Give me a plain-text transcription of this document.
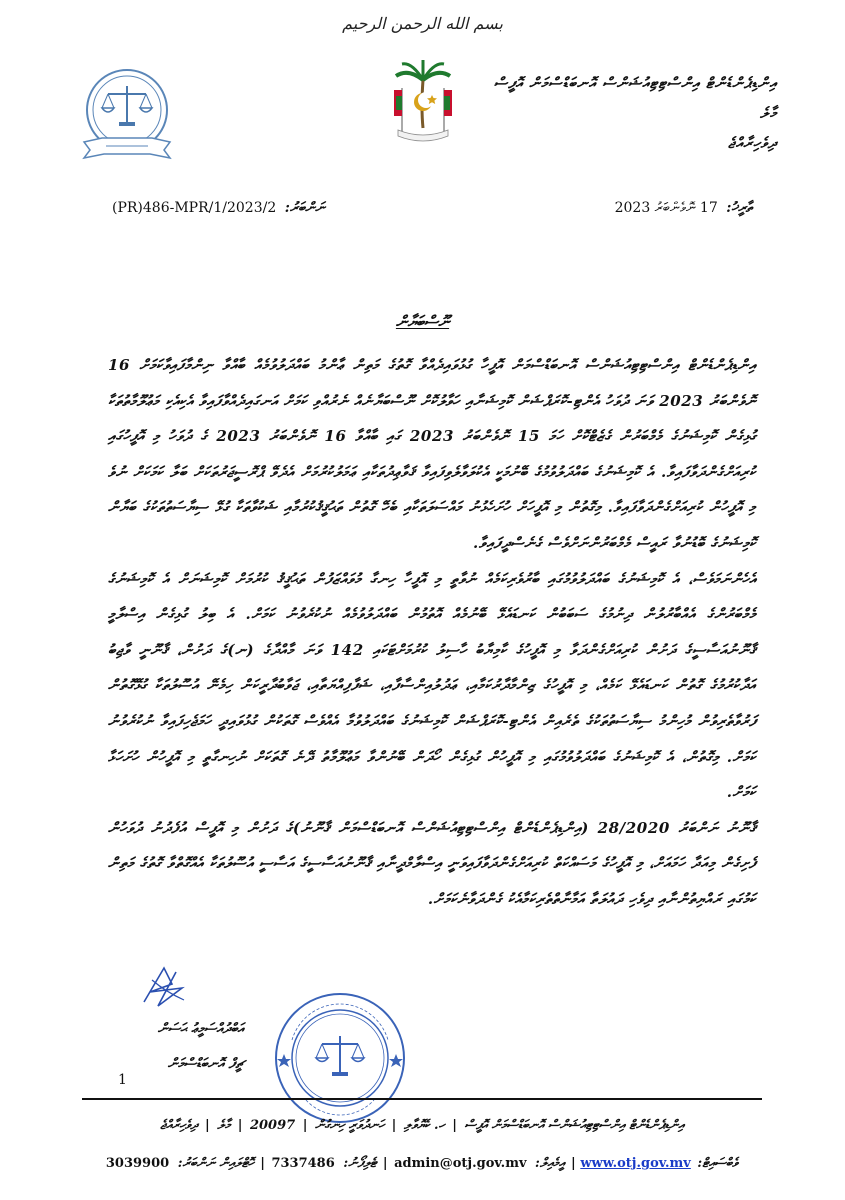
بسم الله الرحمن الرحيم
އިންޑިޕެންޑެންޓް އިންސްޓިޓިއުޝަންސް އޮނބަޑްސްމަން އޮފީސް
މާލެ
ދިވެހިރާއްޖެ
(PR)486-MPR/1/2023/2 ނަންބަރު:	ތާރީޚު: 17 ނޮވެންބަރު 2023
ނޫސްބަޔާން

އިންޑިޕެންޑެންޓް އިންސްޓިޓިއުޝަންސް އޮނބަޑްސްމަން އޮފީހާ ގުޅުވައިދެއްވާ ގޮތުގެ މަތިން ޢާންމު ބައްދަލުވުމެއް ބާއްވާ ނިންމާފައިވާކަމަށް 16 ނޮވެންބަރު 2023 ވަނަ ދުވަހު އެންޓި-ކޮރަޕްޝަން ކޮމިޝަނާއި ހަވާލުކޮށް ނޫސްބަޔާނެއް ނެރުއްވި ކަމަށް އަނގައިދެއްވާފައިވާ އެކިއެކި މަޢުލޫމާތުތަކާ ގުޅިގެން ކޮމިޝަނުގެ މެމްބަރުން ގެޒެޓްކޮށް ހަމަ 15 ނޮވެންބަރު 2023 ގައި ބާއްވާ 16 ނޮވެންބަރު 2023 ގެ ދުވަހު މި އޮފީހުގައި ކުރިއަށްގެންދަވާފައިވާ. އެ ކޮމިޝަނުގެ ބައްދަލުވުމުގެ ބޭނުމަކީ އެކުލަވާލެވިފައިވާ ޤަވާޢިދުތަކާއި ޢަމަލުކުރުމަށް އެދެވޭ ޕްރޮސީޖަރުތަކަށް ބަލާ ކަމަކަށް ނުވެ މި އޮފީހުން ކުރިއަށްގެންދަވާފައިވާ. މިގޮތުން މި އޮފީހަށް ހުށަހެޅުނު މައްސަލަތަކާއި ބެހޭ ގޮތުން ތަޙުޤީޤުކުރުމާއި ޝަކުވާތަކާ ގުޅޭ ސިޔާސަތުތަކުގެ ބަޔާން ކޮމިޝަނުގެ ބޮޑުނުވާ ރައީސް މެމްބަރުންނަށްވެސް ގެނެސްދީފައިވާ.

އެހެންނަމަވެސް، އެ ކޮމިޝަނުގެ ބައްދަލުވުމުގައި ބާރުވެރިކަމެއް ނުވާތީ މި އޮފީހާ ހިނގާ މުވައްޒަފުން ތަޙުޤީޤު ކުރުމަށް ކޮމިޝަނަށް އެ ކޮމިޝަނުގެ މެމްބަރުންގެ އެއްބާރުލުން ދިނުމުގެ ސަބަބުން ކަނޑައެޅޭ ބޭނުމެއް އޮތުމުން ބައްދަލުވުމެއް ނުކުރެވުނު ކަމަށް. އެ ބިލު ގުޅިގެން އިސްލާމީ ޤާނޫނުއަސާސީގެ ދަށުން ކުރިއަށްގެންދަވާ މި އޮފީހުގެ ކާމިޔާބު ހާސިލު ކުރުމަށްޓަކައި 142 ވަނަ މާއްދާގެ (ނ)ގެ ދަށުން، ޤާނޫނީ ވާޖިބު އަދާކުރުމުގެ ގޮތުން ކަނޑައެޅޭ ކަމެއް، މި އޮފީހުގެ ޒިންމާދާރުކަމާއި، ޢަދުލުއިންސާފާއި، ޝަފާފިއްޔަތާއި، ޖަވާބުދާރީކަން ހިމެނޭ އުސޫލުތަކާ ގުޅޭގޮތުން ފަރުވާތެރިވުން މުހިންމު ސިޔާސަތުތަކުގެ ތެރެއިން އެންޓި-ކޮރަޕްޝަން ކޮމިޝަނުގެ ބައްދަލުވުމާ އެއްވެސް ގޮތަކުން ގުޅުވައިދީ ހަމަޖެހިފައިވާ ނުކުރެވުނު ކަމަށް. މިގޮތުން، އެ ކޮމިޝަނުގެ ބައްދަލުވުމުގައި މި އޮފީހުން ގުޅިގެން ހޯދަން ބޭނުންވާ މަޢުލޫމާތު ދޭނެ ގޮތަކަށް ނުހިނގާތީ މި އޮފީހުން ހުށަހަޅާ ކަމަށް.

ޤާނޫނު ނަންބަރު 28/2020 (އިންޑިޕެންޑެންޓް އިންސްޓިޓިއުޝަންސް އޮނބަޑްސްމަން ޤާނޫނު)ގެ ދަށުން މި އޮފީސް އުފެދުނު ދުވަހުން ފެށިގެން މިއަދާ ހަމައަށް، މި އޮފީހުގެ މަސައްކަތް ކުރިއަށްގެންދަވާފައިވަނީ އިސްލާމްދީނާއި ޤާނޫނުއަސާސީގެ އަސާސީ އުސޫލުތަކާ އެއްގޮތްވާ ގޮތުގެ މަތިން ކަމުގައި ރައްޔިތުންނާއި ދިވެހި ދައުލަތާ އަމާނާތްތެރިކަމާއެކު ގެންދަވާނެކަމަށް.

އަބްދުއްސަމީޢު ޙަސަން
ޗީފް އޮނބަޑްސްމަން
1
އިންޑިޕެންޑެންޓް އިންސްޓިޓިއުޝަންސް އޮނބަޑްސްމަން އޮފީސް | ހ. ކެޔޮވާލި | ހަނދުވަރީ ހިނގުން | 20097 | މާލެ | ދިވެހިރާއްޖެ
ވެބްސައިޓް: www.otj.gov.mv | އީމެއިލް: admin@otj.gov.mv | ޓެލިފޯނު: 7337486 | ހޮޓްލައިން ނަންބަރު: 3039900
